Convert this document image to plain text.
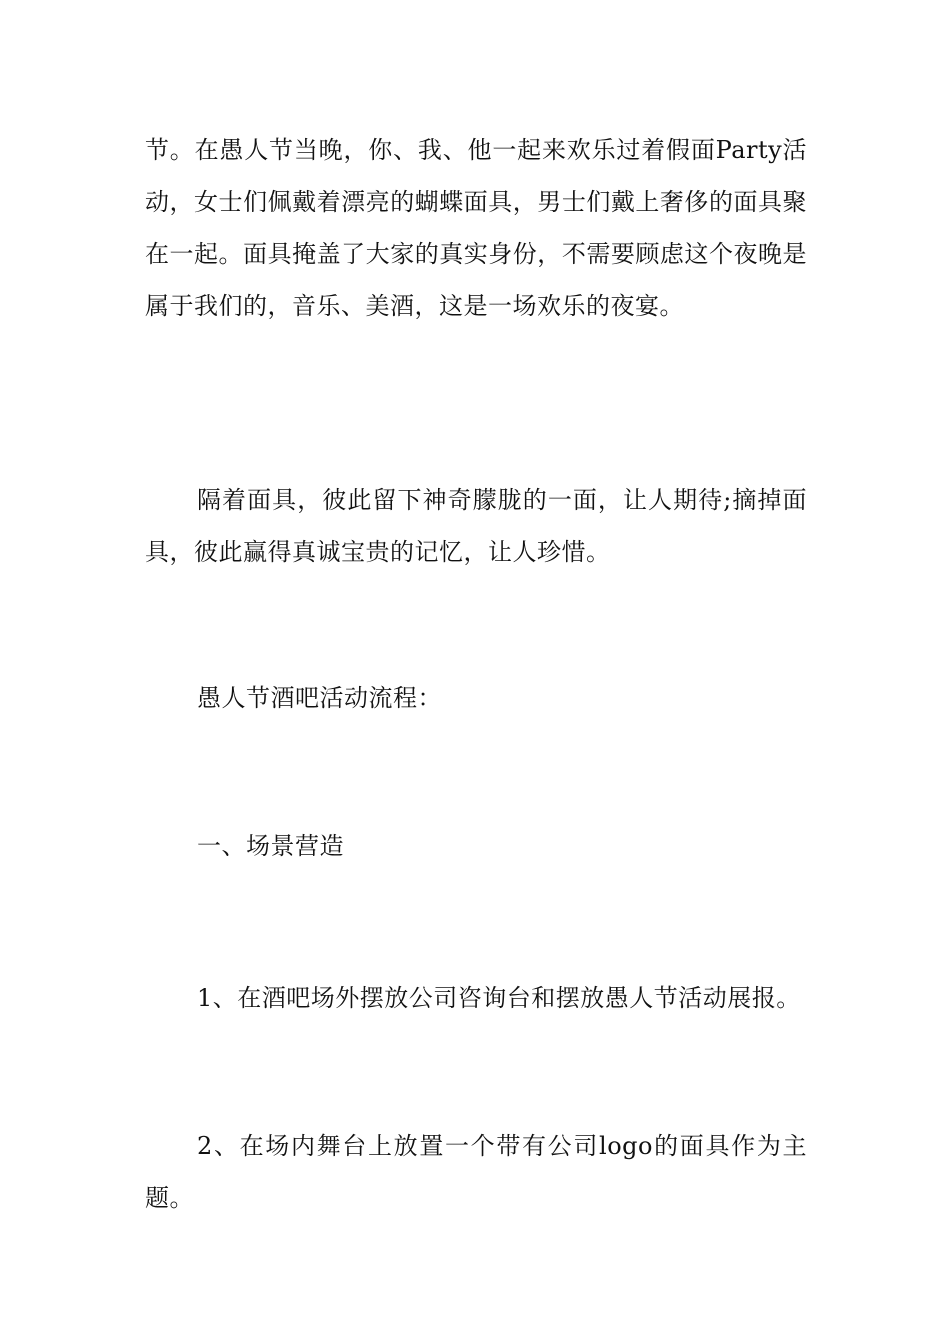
节。在愚人节当晚，你、我、他一起来欢乐过着假面Party活动，女士们佩戴着漂亮的蝴蝶面具，男士们戴上奢侈的面具聚在一起。面具掩盖了大家的真实身份，不需要顾虑这个夜晚是属于我们的，音乐、美酒，这是一场欢乐的夜宴。

隔着面具，彼此留下神奇朦胧的一面，让人期待;摘掉面具，彼此赢得真诚宝贵的记忆，让人珍惜。

愚人节酒吧活动流程：

一、场景营造

1、在酒吧场外摆放公司咨询台和摆放愚人节活动展报。

2、在场内舞台上放置一个带有公司logo的面具作为主题。
